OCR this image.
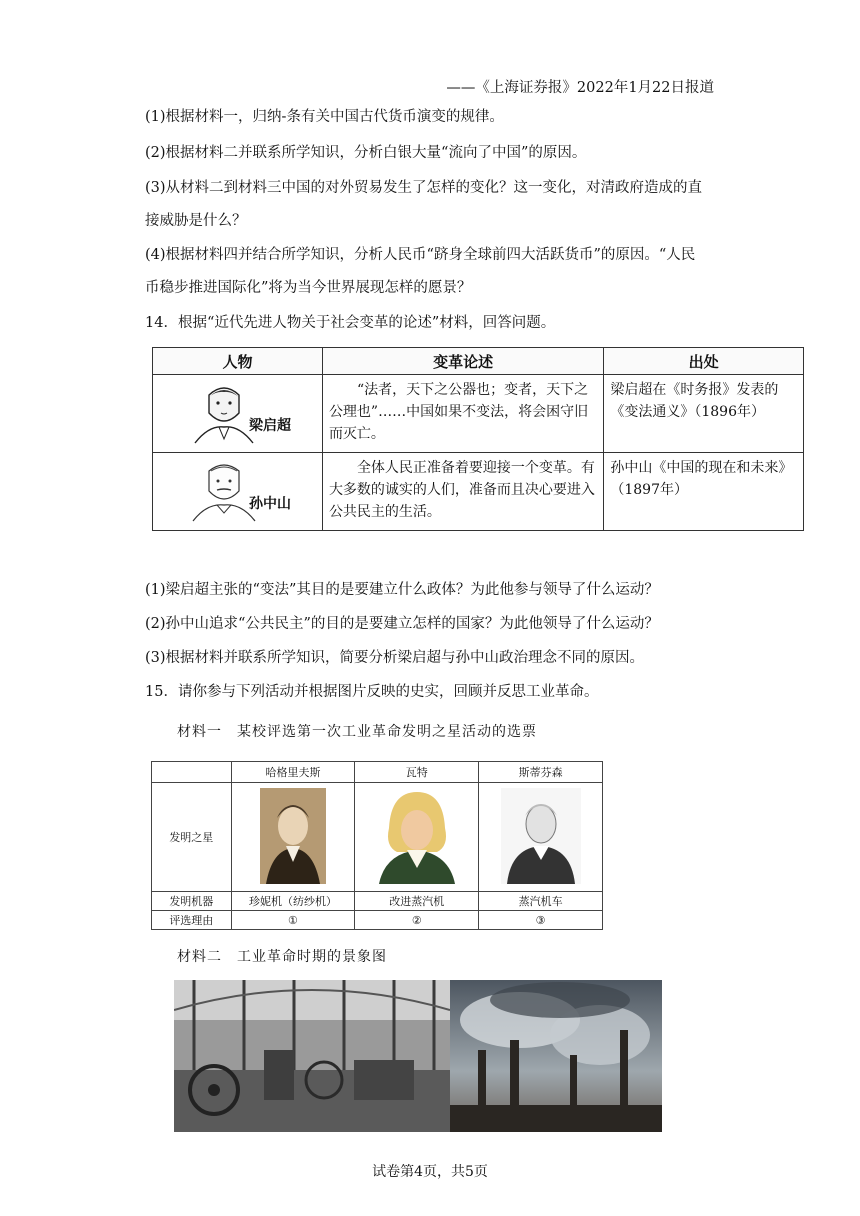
——《上海证券报》2022年1月22日报道
(1)根据材料一，归纳-条有关中国古代货币演变的规律。
(2)根据材料二并联系所学知识，分析白银大量“流向了中国”的原因。
(3)从材料二到材料三中国的对外贸易发生了怎样的变化？这一变化，对清政府造成的直
接威胁是什么？
(4)根据材料四并结合所学知识，分析人民币“跻身全球前四大活跃货币”的原因。“人民
币稳步推进国际化”将为当今世界展现怎样的愿景？
14．根据“近代先进人物关于社会变革的论述”材料，回答问题。
人物	变革论述	出处

梁启超	“法者，天下之公器也；变者，天下之公理也”……中国如果不变法，将会困守旧而灭亡。	梁启超在《时务报》发表的《变法通义》（1896年）

孙中山	全体人民正准备着要迎接一个变革。有大多数的诚实的人们，准备而且决心要进入公共民主的生活。	孙中山《中国的现在和未来》（1897年）
(1)梁启超主张的“变法”其目的是要建立什么政体？为此他参与领导了什么运动？
(2)孙中山追求“公共民主”的目的是要建立怎样的国家？为此他领导了什么运动？
(3)根据材料并联系所学知识，简要分析梁启超与孙中山政治理念不同的原因。
15．请你参与下列活动并根据图片反映的史实，回顾并反思工业革命。
材料一　某校评选第一次工业革命发明之星活动的选票
	哈格里夫斯	瓦特	斯蒂芬森
发明之星			
发明机器	珍妮机（纺纱机）	改进蒸汽机	蒸汽机车
评选理由	①	②	③
材料二　工业革命时期的景象图
试卷第4页，共5页
